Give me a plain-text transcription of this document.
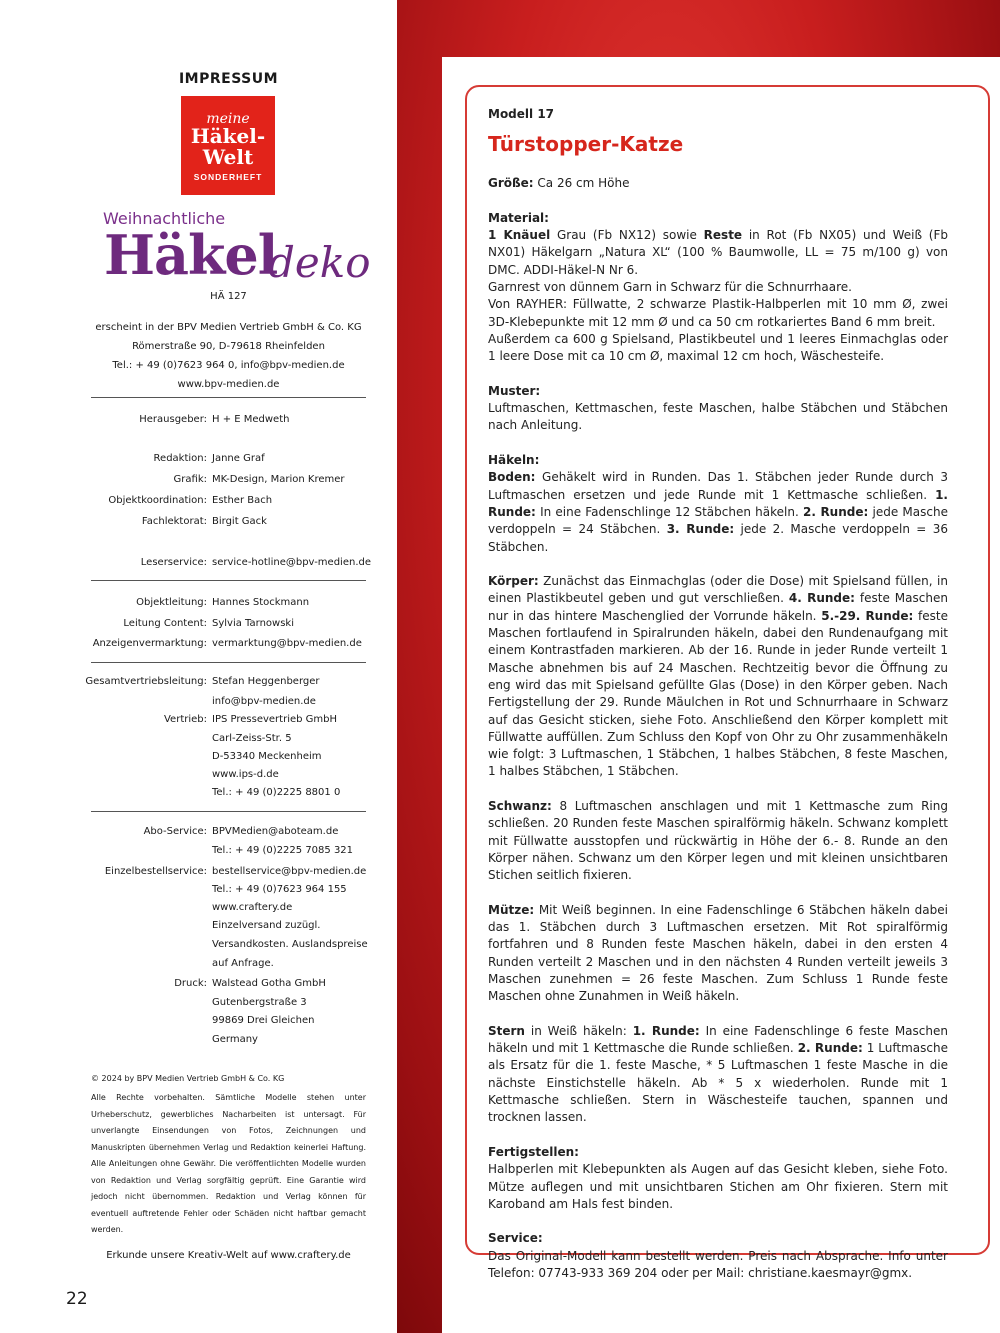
IMPRESSUM
meine
Häkel-
Welt
SONDERHEFT
Weihnachtliche
Häkel
deko
HÄ 127
erscheint in der BPV Medien Vertrieb GmbH & Co. KG
Römerstraße 90, D-79618 Rheinfelden
Tel.: + 49 (0)7623 964 0, info@bpv-medien.de
www.bpv-medien.de
Herausgeber: H + E Medweth
Redaktion: Janne Graf
Grafik: MK-Design, Marion Kremer
Objektkoordination: Esther Bach
Fachlektorat: Birgit Gack
Leserservice: service-hotline@bpv-medien.de
Objektleitung: Hannes Stockmann
Leitung Content: Sylvia Tarnowski
Anzeigenvermarktung: vermarktung@bpv-medien.de
Gesamtvertriebsleitung: Stefan Heggenberger
info@bpv-medien.de
Vertrieb: IPS Pressevertrieb GmbH
Carl-Zeiss-Str. 5
D-53340 Meckenheim
www.ips-d.de
Tel.: + 49 (0)2225 8801 0
Abo-Service: BPVMedien@aboteam.de
Tel.: + 49 (0)2225 7085 321
Einzelbestellservice: bestellservice@bpv-medien.de
Tel.: + 49 (0)7623 964 155
www.craftery.de
Einzelversand zuzügl.
Versandkosten. Auslandspreise
auf Anfrage.
Druck: Walstead Gotha GmbH
Gutenbergstraße 3
99869 Drei Gleichen
Germany
© 2024 by BPV Medien Vertrieb GmbH & Co. KG
Alle Rechte vorbehalten. Sämtliche Modelle stehen unter Urheberschutz, gewerbliches Nacharbeiten ist untersagt. Für unverlangte Einsendungen von Fotos, Zeichnungen und Manuskripten übernehmen Verlag und Redaktion keinerlei Haftung. Alle Anleitungen ohne Gewähr. Die veröffentlichten Modelle wurden von Redaktion und Verlag sorgfältig geprüft. Eine Garantie wird jedoch nicht übernommen. Redaktion und Verlag können für eventuell auftretende Fehler oder Schäden nicht haftbar gemacht werden.
Erkunde unsere Kreativ-Welt auf www.craftery.de
22

Modell 17

Türstopper-Katze

Größe: Ca 26 cm Höhe

Material:
1 Knäuel Grau (Fb NX12) sowie Reste in Rot (Fb NX05) und Weiß (Fb NX01) Häkelgarn „Natura XL“ (100 % Baumwolle, LL = 75 m/100 g) von DMC. ADDI-Häkel-N Nr 6.
Garnrest von dünnem Garn in Schwarz für die Schnurrhaare.
Von RAYHER: Füllwatte, 2 schwarze Plastik-Halbperlen mit 10 mm Ø, zwei 3D-Klebepunkte mit 12 mm Ø und ca 50 cm rotkariertes Band 6 mm breit.
Außerdem ca 600 g Spielsand, Plastikbeutel und 1 leeres Einmachglas oder 1 leere Dose mit ca 10 cm Ø, maximal 12 cm hoch, Wäschesteife.

Muster:
Luftmaschen, Kettmaschen, feste Maschen, halbe Stäbchen und Stäbchen nach Anleitung.

Häkeln:
Boden: Gehäkelt wird in Runden. Das 1. Stäbchen jeder Runde durch 3 Luftmaschen ersetzen und jede Runde mit 1 Kettmasche schließen. 1. Runde: In eine Fadenschlinge 12 Stäbchen häkeln. 2. Runde: jede Masche verdoppeln = 24 Stäbchen. 3. Runde: jede 2. Masche verdoppeln = 36 Stäbchen.

Körper: Zunächst das Einmachglas (oder die Dose) mit Spielsand füllen, in einen Plastikbeutel geben und gut verschließen. 4. Runde: feste Maschen nur in das hintere Maschenglied der Vorrunde häkeln. 5.-29. Runde: feste Maschen fortlaufend in Spiralrunden häkeln, dabei den Rundenaufgang mit einem Kontrastfaden markieren. Ab der 16. Runde in jeder Runde verteilt 1 Masche abnehmen bis auf 24 Maschen. Rechtzeitig bevor die Öffnung zu eng wird das mit Spielsand gefüllte Glas (Dose) in den Körper geben. Nach Fertigstellung der 29. Runde Mäulchen in Rot und Schnurrhaare in Schwarz auf das Gesicht sticken, siehe Foto. Anschließend den Körper komplett mit Füllwatte auffüllen. Zum Schluss den Kopf von Ohr zu Ohr zusammenhäkeln wie folgt: 3 Luftmaschen, 1 Stäbchen, 1 halbes Stäbchen, 8 feste Maschen, 1 halbes Stäbchen, 1 Stäbchen.

Schwanz: 8 Luftmaschen anschlagen und mit 1 Kettmasche zum Ring schließen. 20 Runden feste Maschen spiralförmig häkeln. Schwanz komplett mit Füllwatte ausstopfen und rückwärtig in Höhe der 6.- 8. Runde an den Körper nähen. Schwanz um den Körper legen und mit kleinen unsichtbaren Stichen seitlich fixieren.

Mütze: Mit Weiß beginnen. In eine Fadenschlinge 6 Stäbchen häkeln dabei das 1. Stäbchen durch 3 Luftmaschen ersetzen. Mit Rot spiralförmig fortfahren und 8 Runden feste Maschen häkeln, dabei in den ersten 4 Runden verteilt 2 Maschen und in den nächsten 4 Runden verteilt jeweils 3 Maschen zunehmen = 26 feste Maschen. Zum Schluss 1 Runde feste Maschen ohne Zunahmen in Weiß häkeln.

Stern in Weiß häkeln: 1. Runde: In eine Fadenschlinge 6 feste Maschen häkeln und mit 1 Kettmasche die Runde schließen. 2. Runde: 1 Luftmasche als Ersatz für die 1. feste Masche, * 5 Luftmaschen 1 feste Masche in die nächste Einstichstelle häkeln. Ab * 5 x wiederholen. Runde mit 1 Kettmasche schließen. Stern in Wäschesteife tauchen, spannen und trocknen lassen.

Fertigstellen:
Halbperlen mit Klebepunkten als Augen auf das Gesicht kleben, siehe Foto. Mütze auflegen und mit unsichtbaren Stichen am Ohr fixieren. Stern mit Karoband am Hals fest binden.

Service:
Das Original-Modell kann bestellt werden. Preis nach Absprache. Info unter Telefon: 07743-933 369 204 oder per Mail: christiane.kaesmayr@gmx.
